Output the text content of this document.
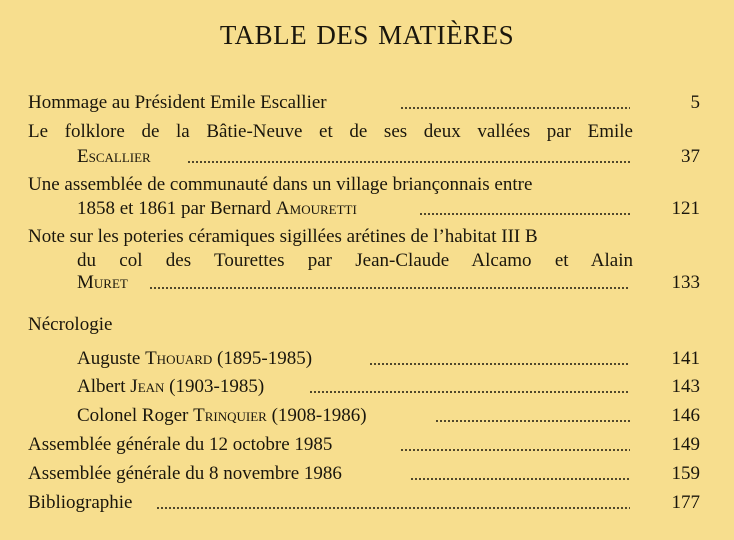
TABLE DES MATIÈRES
Hommage au Président Emile Escallier	5
Le folklore de la Bâtie-Neuve et de ses deux vallées par Emile
Escallier	37
Une assemblée de communauté dans un village briançonnais entre
1858 et 1861 par Bernard Amouretti	121
Note sur les poteries céramiques sigillées arétines de l’habitat III B
du col des Tourettes par Jean-Claude Alcamo et Alain
Muret	133
Nécrologie
Auguste Thouard (1895-1985)	141
Albert Jean (1903-1985)	143
Colonel Roger Trinquier (1908-1986)	146
Assemblée générale du 12 octobre 1985	149
Assemblée générale du 8 novembre 1986	159
Bibliographie	177
